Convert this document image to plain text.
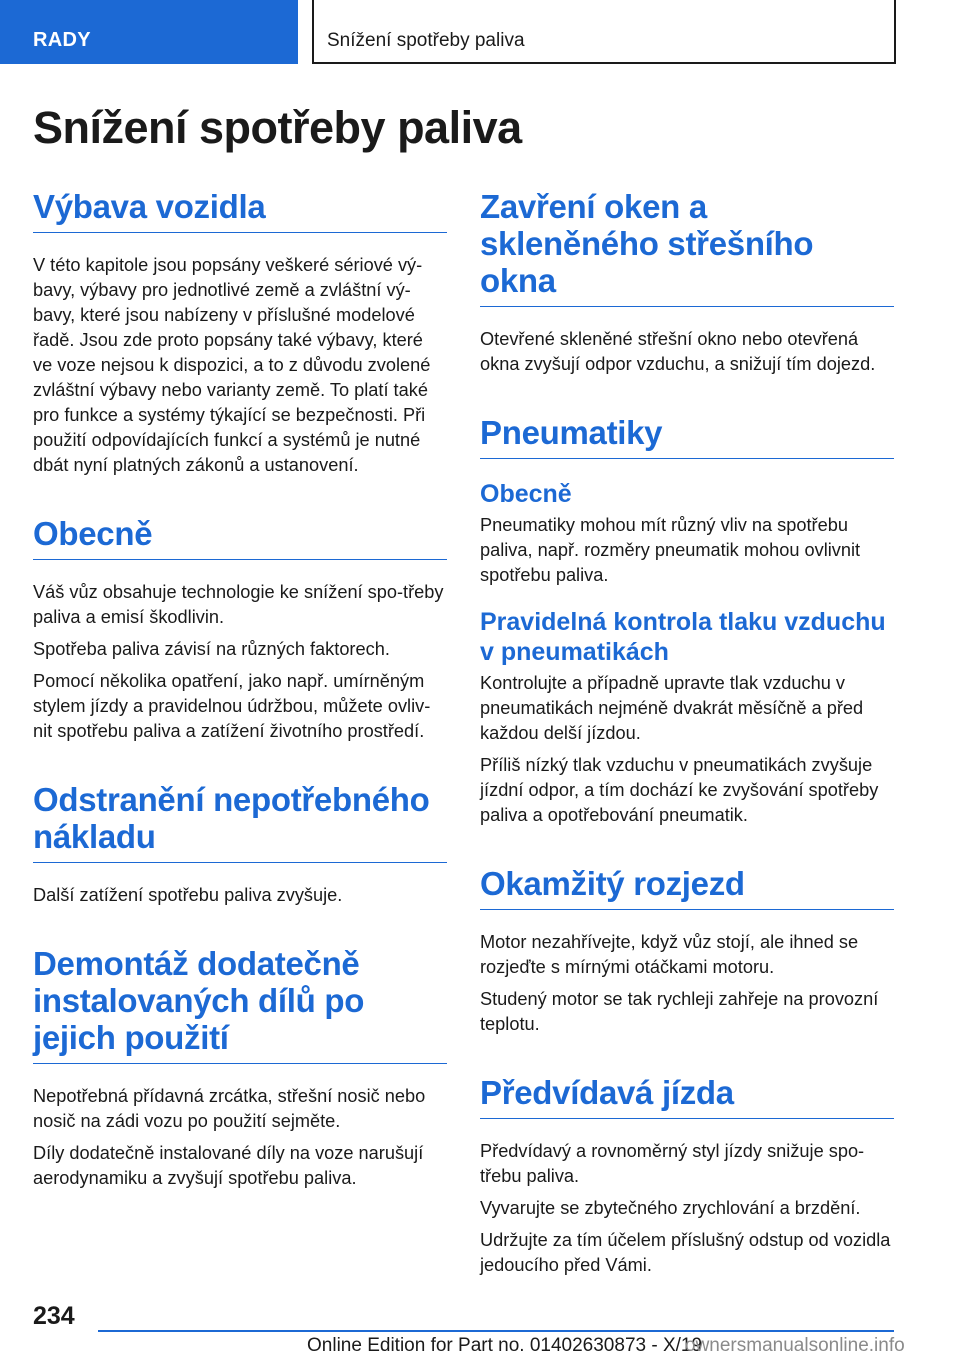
RADY	Snížení spotřeby paliva
Snížení spotřeby paliva
Výbava vozidla

V této kapitole jsou popsány veškeré sériové vý-bavy, výbavy pro jednotlivé země a zvláštní vý-bavy, které jsou nabízeny v příslušné modelové řadě. Jsou zde proto popsány také výbavy, které ve voze nejsou k dispozici, a to z důvodu zvolené zvláštní výbavy nebo varianty země. To platí také pro funkce a systémy týkající se bezpečnosti. Při použití odpovídajících funkcí a systémů je nutné dbát nyní platných zákonů a ustanovení.

Obecně

Váš vůz obsahuje technologie ke snížení spo-třeby paliva a emisí škodlivin.

Spotřeba paliva závisí na různých faktorech.

Pomocí několika opatření, jako např. umírněným stylem jízdy a pravidelnou údržbou, můžete ovliv-nit spotřebu paliva a zatížení životního prostředí.

Odstranění nepotřebného nákladu

Další zatížení spotřebu paliva zvyšuje.

Demontáž dodatečně instalovaných dílů po jejich použití

Nepotřebná přídavná zrcátka, střešní nosič nebo nosič na zádi vozu po použití sejměte.

Díly dodatečně instalované díly na voze narušují aerodynamiku a zvyšují spotřebu paliva.

Zavření oken a skleněného střešního okna

Otevřené skleněné střešní okno nebo otevřená okna zvyšují odpor vzduchu, a snižují tím dojezd.

Pneumatiky
Obecně

Pneumatiky mohou mít různý vliv na spotřebu paliva, např. rozměry pneumatik mohou ovlivnit spotřebu paliva.

Pravidelná kontrola tlaku vzduchu v pneumatikách

Kontrolujte a případně upravte tlak vzduchu v pneumatikách nejméně dvakrát měsíčně a před každou delší jízdou.

Příliš nízký tlak vzduchu v pneumatikách zvyšuje jízdní odpor, a tím dochází ke zvyšování spotřeby paliva a opotřebování pneumatik.

Okamžitý rozjezd

Motor nezahřívejte, když vůz stojí, ale ihned se rozjeďte s mírnými otáčkami motoru.

Studený motor se tak rychleji zahřeje na provozní teplotu.

Předvídavá jízda

Předvídavý a rovnoměrný styl jízdy snižuje spo-třebu paliva.

Vyvarujte se zbytečného zrychlování a brzdění.

Udržujte za tím účelem příslušný odstup od vozidla jedoucího před Vámi.

234
Online Edition for Part no. 01402630873 - X/19
ownersmanualsonline.info
